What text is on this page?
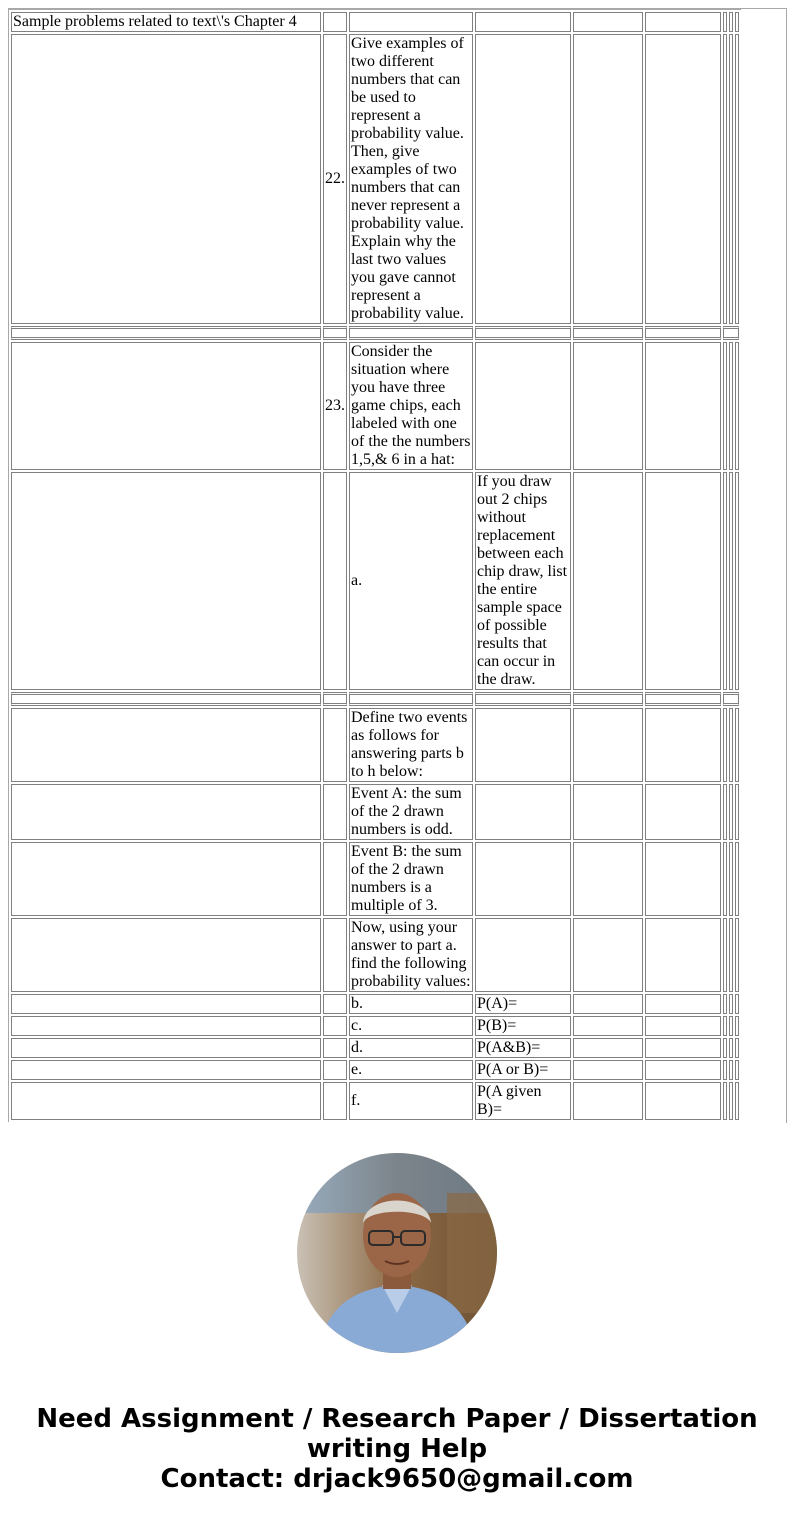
Sample problems related to text\'s Chapter 4								
	22.	Give examples of two different numbers that can be used to represent a probability value. Then, give examples of two numbers that can never represent a probability value. Explain why the last two values you gave cannot represent a probability value.						

	23.	Consider the situation where you have three game chips, each labeled with one of the the numbers 1,5,& 6 in a hat:						
		a.	If you draw out 2 chips without replacement between each chip draw, list the entire sample space of possible results that can occur in the draw.					

		Define two events as follows for answering parts b to h below:						
		Event A: the sum of the 2 drawn numbers is odd.						
		Event B: the sum of the 2 drawn numbers is a multiple of 3.						
		Now, using your answer to part a. find the following probability values:						
		b.	P(A)=					
		c.	P(B)=					
		d.	P(A&B)=					
		e.	P(A or B)=					
		f.	P(A given B)=					
Need Assignment / Research Paper / Dissertation
writing Help
Contact: drjack9650@gmail.com
